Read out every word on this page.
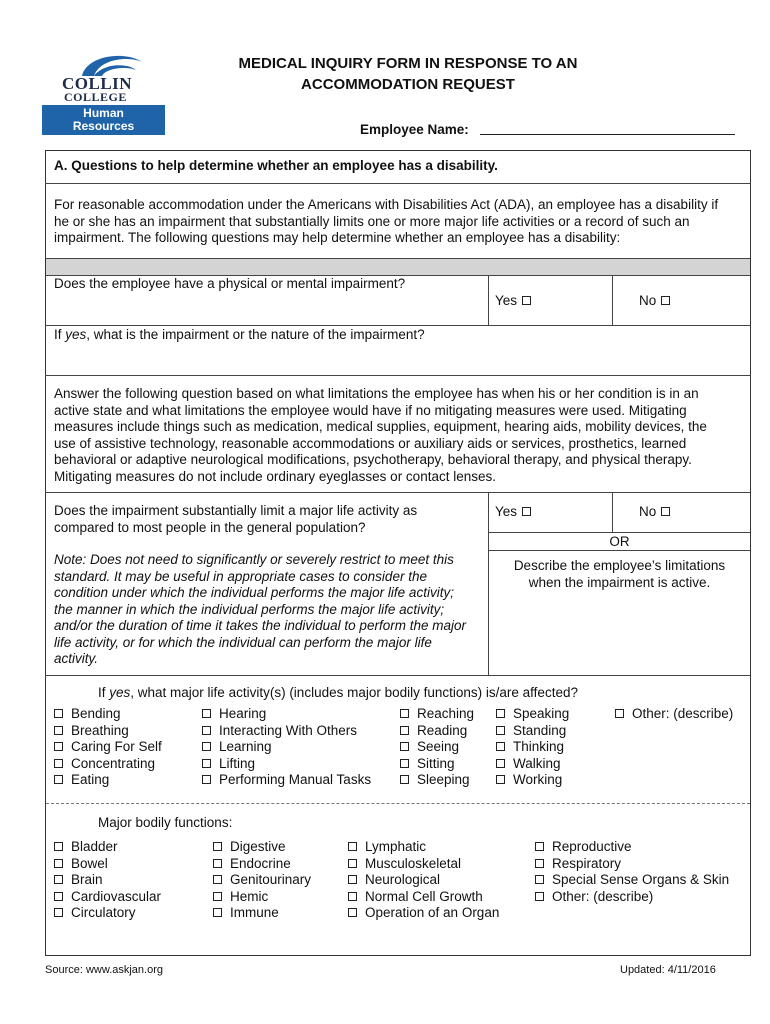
COLLIN
COLLEGE
Human
Resources
MEDICAL INQUIRY FORM IN RESPONSE TO AN
ACCOMMODATION REQUEST
Employee Name:
A. Questions to help determine whether an employee has a disability.
For reasonable accommodation under the Americans with Disabilities Act (ADA), an employee has a disability if
he or she has an impairment that substantially limits one or more major life activities or a record of such an
impairment. The following questions may help determine whether an employee has a disability:
Does the employee have a physical or mental impairment?
Yes	No
If yes, what is the impairment or the nature of the impairment?
Answer the following question based on what limitations the employee has when his or her condition is in an
active state and what limitations the employee would have if no mitigating measures were used. Mitigating
measures include things such as medication, medical supplies, equipment, hearing aids, mobility devices, the
use of assistive technology, reasonable accommodations or auxiliary aids or services, prosthetics, learned
behavioral or adaptive neurological modifications, psychotherapy, behavioral therapy, and physical therapy.
Mitigating measures do not include ordinary eyeglasses or contact lenses.
Does the impairment substantially limit a major life activity as
compared to most people in the general population?
Note: Does not need to significantly or severely restrict to meet this
standard. It may be useful in appropriate cases to consider the
condition under which the individual performs the major life activity;
the manner in which the individual performs the major life activity;
and/or the duration of time it takes the individual to perform the major
life activity, or for which the individual can perform the major life
activity.
Yes	No
OR
Describe the employee’s limitations
when the impairment is active.
If yes, what major life activity(s) (includes major bodily functions) is/are affected?
Bending
Breathing
Caring For Self
Concentrating
Eating
Hearing
Interacting With Others
Learning
Lifting
Performing Manual Tasks
Reaching
Reading
Seeing
Sitting
Sleeping
Speaking
Standing
Thinking
Walking
Working
Other: (describe)
Major bodily functions:
Bladder
Bowel
Brain
Cardiovascular
Circulatory
Digestive
Endocrine
Genitourinary
Hemic
Immune
Lymphatic
Musculoskeletal
Neurological
Normal Cell Growth
Operation of an Organ
Reproductive
Respiratory
Special Sense Organs & Skin
Other: (describe)
Source: www.askjan.org	Updated: 4/11/2016
